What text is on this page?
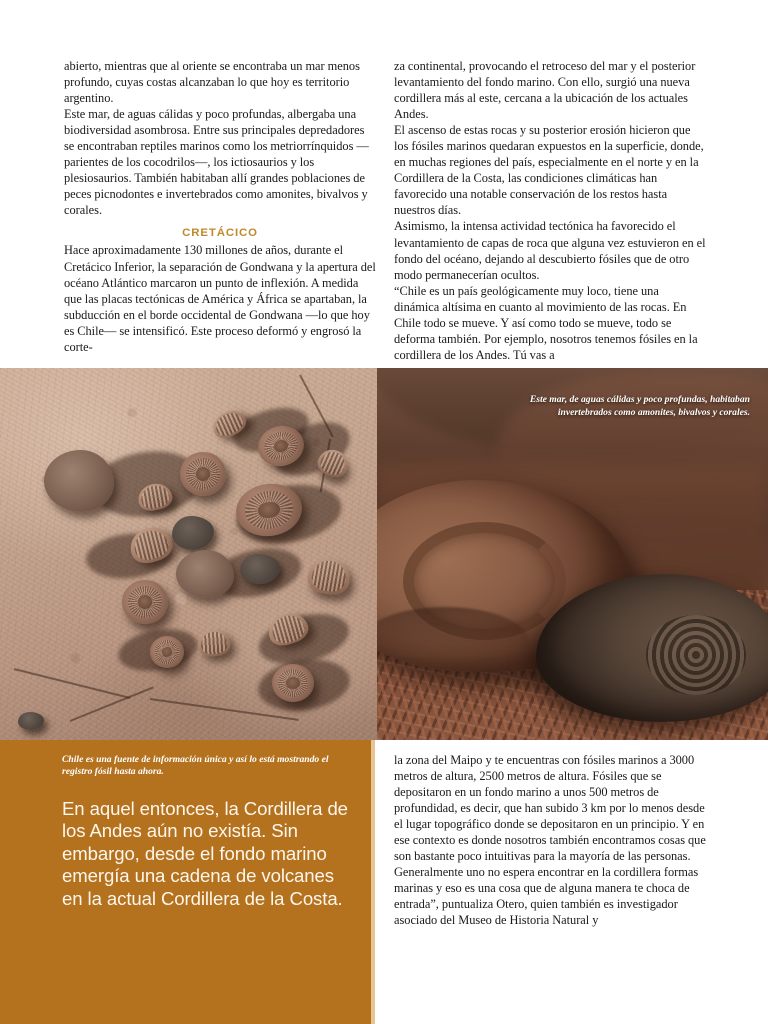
abierto, mientras que al oriente se encontraba un mar menos profundo, cuyas costas alcanzaban lo que hoy es territorio argentino.

Este mar, de aguas cálidas y poco profundas, albergaba una biodiversidad asombrosa. Entre sus principales depredadores se encontraban reptiles marinos como los metriorrínquidos —parientes de los cocodrilos—, los ictiosaurios y los plesiosaurios. También habitaban allí grandes poblaciones de peces picnodontes e invertebrados como amonites, bivalvos y corales.

CRETÁCICO

Hace aproximadamente 130 millones de años, durante el Cretácico Inferior, la separación de Gondwana y la apertura del océano Atlántico marcaron un punto de inflexión. A medida que las placas tectónicas de América y África se apartaban, la subducción en el borde occidental de Gondwana —lo que hoy es Chile— se intensificó. Este proceso deformó y engrosó la corte-

za continental, provocando el retroceso del mar y el posterior levantamiento del fondo marino. Con ello, surgió una nueva cordillera más al este, cercana a la ubicación de los actuales Andes.

El ascenso de estas rocas y su posterior erosión hicieron que los fósiles marinos quedaran expuestos en la superficie, donde, en muchas regiones del país, especialmente en el norte y en la Cordillera de la Costa, las condiciones climáticas han favorecido una notable conservación de los restos hasta nuestros días.

Asimismo, la intensa actividad tectónica ha favorecido el levantamiento de capas de roca que alguna vez estuvieron en el fondo del océano, dejando al descubierto fósiles que de otro modo permanecerían ocultos.

“Chile es un país geológicamente muy loco, tiene una dinámica altísima en cuanto al movimiento de las rocas. En Chile todo se mueve. Y así como todo se mueve, todo se deforma también. Por ejemplo, nosotros tenemos fósiles en la cordillera de los Andes. Tú vas a

Este mar, de aguas cálidas y poco profundas, habitaban invertebrados como amonites, bivalvos y corales.

Chile es una fuente de información única y así lo está mostrando el registro fósil hasta ahora.

En aquel entonces, la Cordillera de los Andes aún no existía. Sin embargo, desde el fondo marino emergía una cadena de volcanes en la actual Cordillera de la Costa.

la zona del Maipo y te encuentras con fósiles marinos a 3000 metros de altura, 2500 metros de altura. Fósiles que se depositaron en un fondo marino a unos 500 metros de profundidad, es decir, que han subido 3 km por lo menos desde el lugar topográfico donde se depositaron en un principio. Y en ese contexto es donde nosotros también encontramos cosas que son bastante poco intuitivas para la mayoría de las personas. Generalmente uno no espera encontrar en la cordillera formas marinas y eso es una cosa que de alguna manera te choca de entrada”, puntualiza Otero, quien también es investigador asociado del Museo de Historia Natural y
